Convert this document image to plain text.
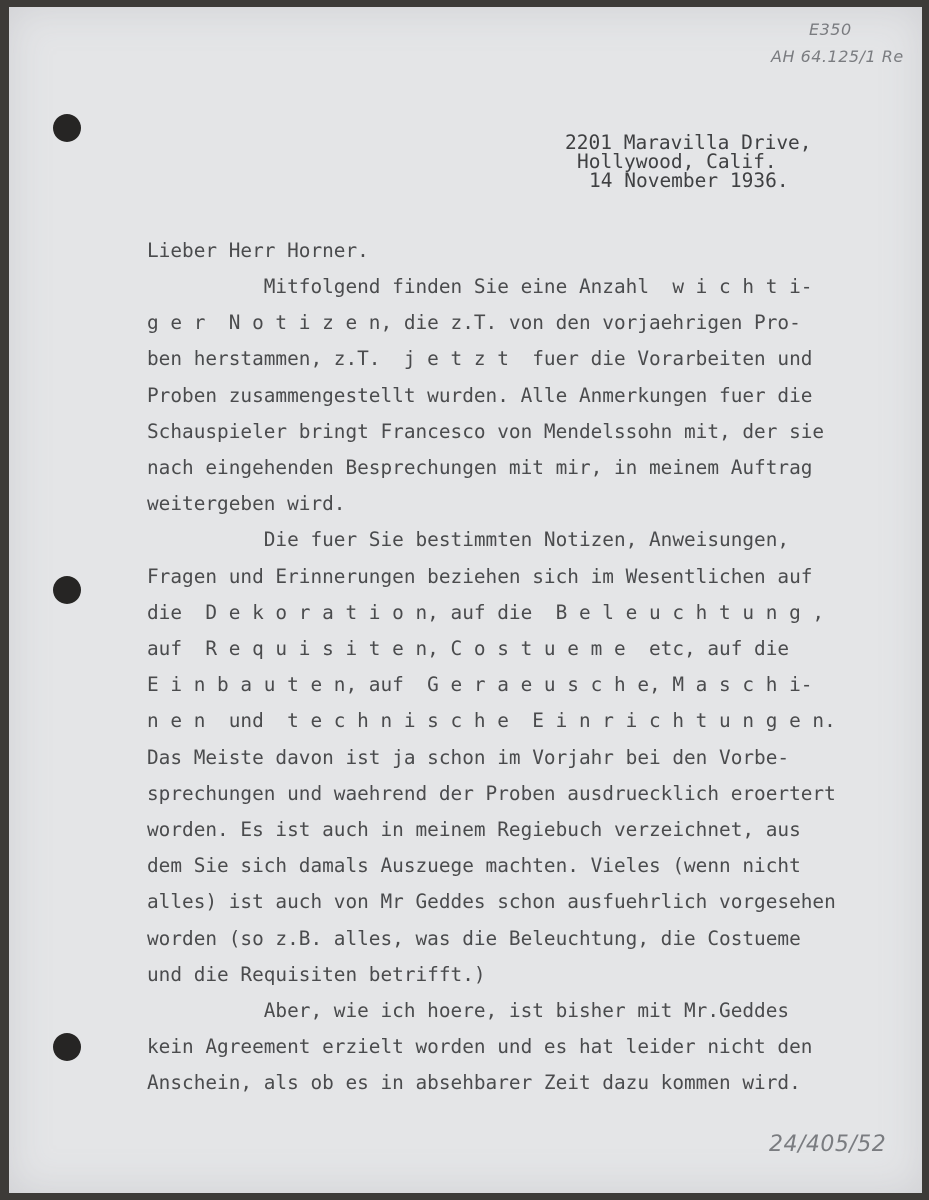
E350
AH 64.125/1 Re
24/405/52
2201 Maravilla Drive,
Hollywood, Calif.
14 November 1936.
Lieber Herr Horner.
Mitfolgend finden Sie eine Anzahl  w i c h t i-
g e r  N o t i z e n, die z.T. von den vorjaehrigen Pro-
ben herstammen, z.T.  j e t z t  fuer die Vorarbeiten und
Proben zusammengestellt wurden. Alle Anmerkungen fuer die
Schauspieler bringt Francesco von Mendelssohn mit, der sie
nach eingehenden Besprechungen mit mir, in meinem Auftrag
weitergeben wird.
Die fuer Sie bestimmten Notizen, Anweisungen,
Fragen und Erinnerungen beziehen sich im Wesentlichen auf
die  D e k o r a t i o n, auf die  B e l e u c h t u n g ,
auf  R e q u i s i t e n, C o s t u e m e  etc, auf die
E i n b a u t e n, auf  G e r a e u s c h e, M a s c h i-
n e n  und  t e c h n i s c h e  E i n r i c h t u n g e n.
Das Meiste davon ist ja schon im Vorjahr bei den Vorbe-
sprechungen und waehrend der Proben ausdruecklich eroertert
worden. Es ist auch in meinem Regiebuch verzeichnet, aus
dem Sie sich damals Auszuege machten. Vieles (wenn nicht
alles) ist auch von Mr Geddes schon ausfuehrlich vorgesehen
worden (so z.B. alles, was die Beleuchtung, die Costueme
und die Requisiten betrifft.)
Aber, wie ich hoere, ist bisher mit Mr.Geddes
kein Agreement erzielt worden und es hat leider nicht den
Anschein, als ob es in absehbarer Zeit dazu kommen wird.
